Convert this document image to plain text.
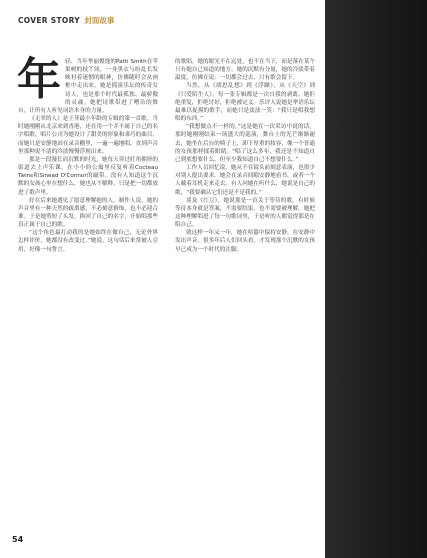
COVER STORY 封面故事
年 轻、当年华丽俊逸的Patti Smith在苹果树的枝丫间，一身黑衣与纷乱长发映衬着迷惘的眼神，仿佛随时会从画框中走出来。她是摇滚乐坛的传奇女诗人，也是那个时代最孤独、最骄傲的灵魂。她把诗歌带进了嘈杂的舞台，让所有人听见词语本身的力量。

《无辜的人》是王菲最小年龄的专辑的第一首歌。当时她刚刚从北京来到香港，还在用一个并不属于自己的名字唱歌。唱片公司为她设计了甜美的形象和乖巧的曲目，而她只是安静地站在录音棚里，一遍一遍地唱，直到声音里那种说不清的冷淡慢慢浮现出来。

那是一段漫长而沉默的时光。她每天穿过旺角拥挤的街道去上声乐课，在小小的公寓里反复听着Cocteau Twins和Sinead O'Connor的磁带。没有人知道这个沉默的女孩心里在想什么，她也从不解释，只是把一切都放进了歌声里。

好在后来她遇见了愿意理解她的人。制作人说，她的声音里有一种天然的疏离感，不必刻意修饰，也不必迎合谁。于是她剪短了头发，换回了自己的名字，开始唱那些真正属于自己的歌。

“这个角色最打动我的是她始终在做自己，无论外界怎样评价，她都没有改变过。”她说。这句话后来常被人引用，好像一句誓言。

的歌唱。她的眼光不在远处，也不在当下，而是落在某个只有她自己知道的地方。她的沉默有分量，她的冷淡带着温度，仿佛在说：一切都会过去，只有歌会留下。

当然，从《胡思乱想》到《浮躁》，从《天空》到《只爱陌生人》，每一张专辑都是一次自我的剥离。她拒绝重复，拒绝讨好，拒绝被定义。乐评人说她是华语乐坛最难以捉摸的歌手，而她只是淡淡一笑：“我只是唱我想唱的东西。”

“我想做点不一样的。”这是她在一次采访中说的话。那时她刚刚结束一场盛大的巡演，舞台上的光芒渐渐褪去，她坐在后台的椅子上，卸下厚重的妆容，像一个普通的女孩那样揉着眼睛。“唱了这么多年，我还是不知道自己到底想要什么，但至少我知道自己不想要什么。”

工作人员回忆说，她从不在镜头前刻意表演，也很少对别人提出要求。她会在录音间隙安静地看书，或者一个人戴着耳机走来走去。有人问她在听什么，她说是自己的歌，“我要确认它们还是不是我的。”

谈及《红豆》，她说那是一首关于等待的歌。有时候等待本身就是答案，不需要结果，也不需要被理解。她把这种理解唱进了每一句歌词里，于是听的人都觉得那是在唱自己。

就这样一年又一年，她在喧嚣中保持安静，在安静中发出声音。很多年后人们回头看，才发现那个沉默的女孩早已成为一个时代的注脚。

54
